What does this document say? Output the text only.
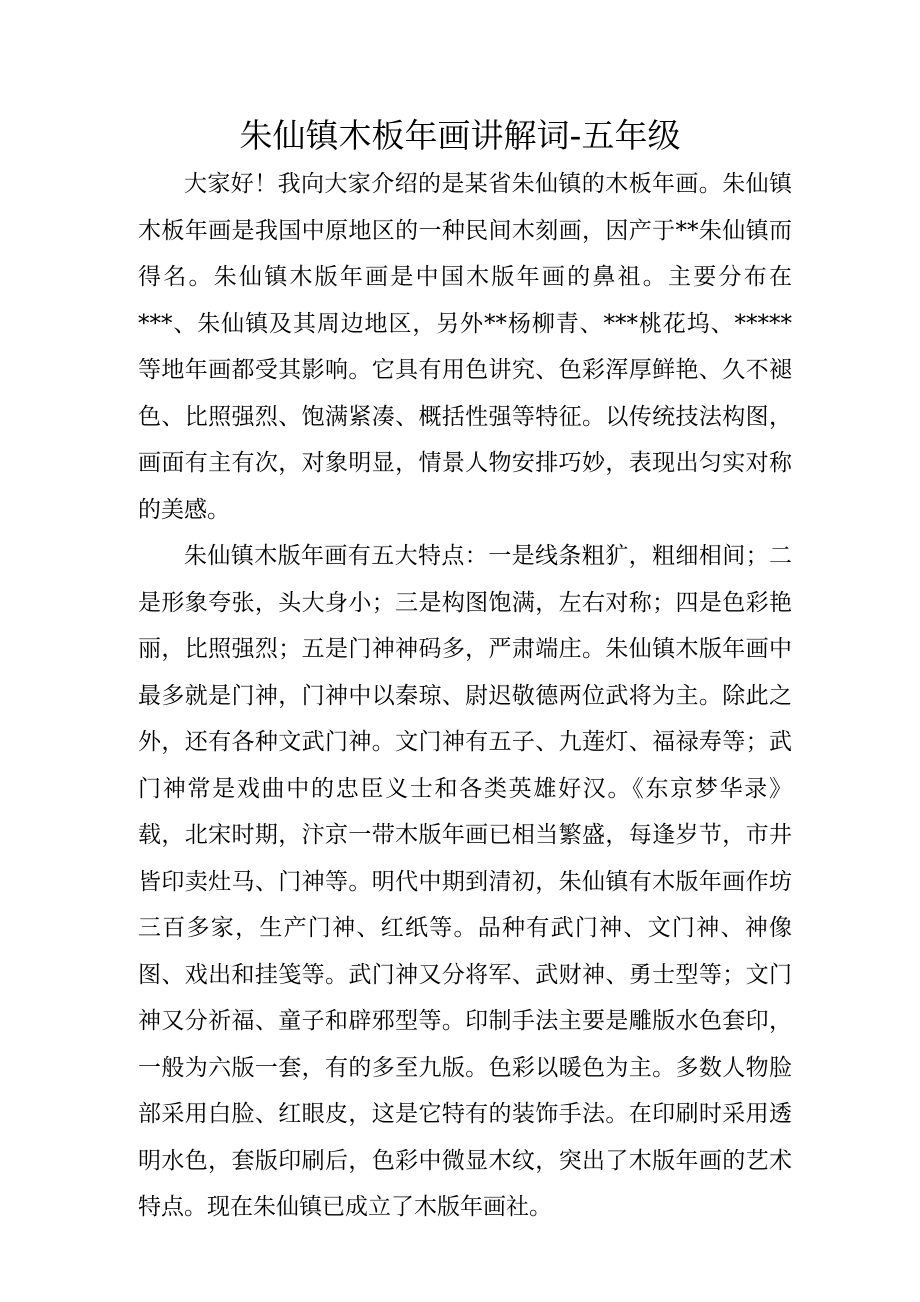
朱仙镇木板年画讲解词-五年级

大家好！我向大家介绍的是某省朱仙镇的木板年画。朱仙镇木板年画是我国中原地区的一种民间木刻画，因产于**朱仙镇而得名。朱仙镇木版年画是中国木版年画的鼻祖。主要分布在***、朱仙镇及其周边地区，另外**杨柳青、***桃花坞、*****等地年画都受其影响。它具有用色讲究、色彩浑厚鲜艳、久不褪色、比照强烈、饱满紧凑、概括性强等特征。以传统技法构图，画面有主有次，对象明显，情景人物安排巧妙，表现出匀实对称的美感。

朱仙镇木版年画有五大特点：一是线条粗犷，粗细相间；二是形象夸张，头大身小；三是构图饱满，左右对称；四是色彩艳丽，比照强烈；五是门神神码多，严肃端庄。朱仙镇木版年画中最多就是门神，门神中以秦琼、尉迟敬德两位武将为主。除此之外，还有各种文武门神。文门神有五子、九莲灯、福禄寿等；武门神常是戏曲中的忠臣义士和各类英雄好汉。《东京梦华录》载，北宋时期，汴京一带木版年画已相当繁盛，每逢岁节，市井皆印卖灶马、门神等。明代中期到清初，朱仙镇有木版年画作坊三百多家，生产门神、红纸等。品种有武门神、文门神、神像图、戏出和挂笺等。武门神又分将军、武财神、勇士型等；文门神又分祈福、童子和辟邪型等。印制手法主要是雕版水色套印，一般为六版一套，有的多至九版。色彩以暖色为主。多数人物脸部采用白脸、红眼皮，这是它特有的装饰手法。在印刷时采用透明水色，套版印刷后，色彩中微显木纹，突出了木版年画的艺术特点。现在朱仙镇已成立了木版年画社。
